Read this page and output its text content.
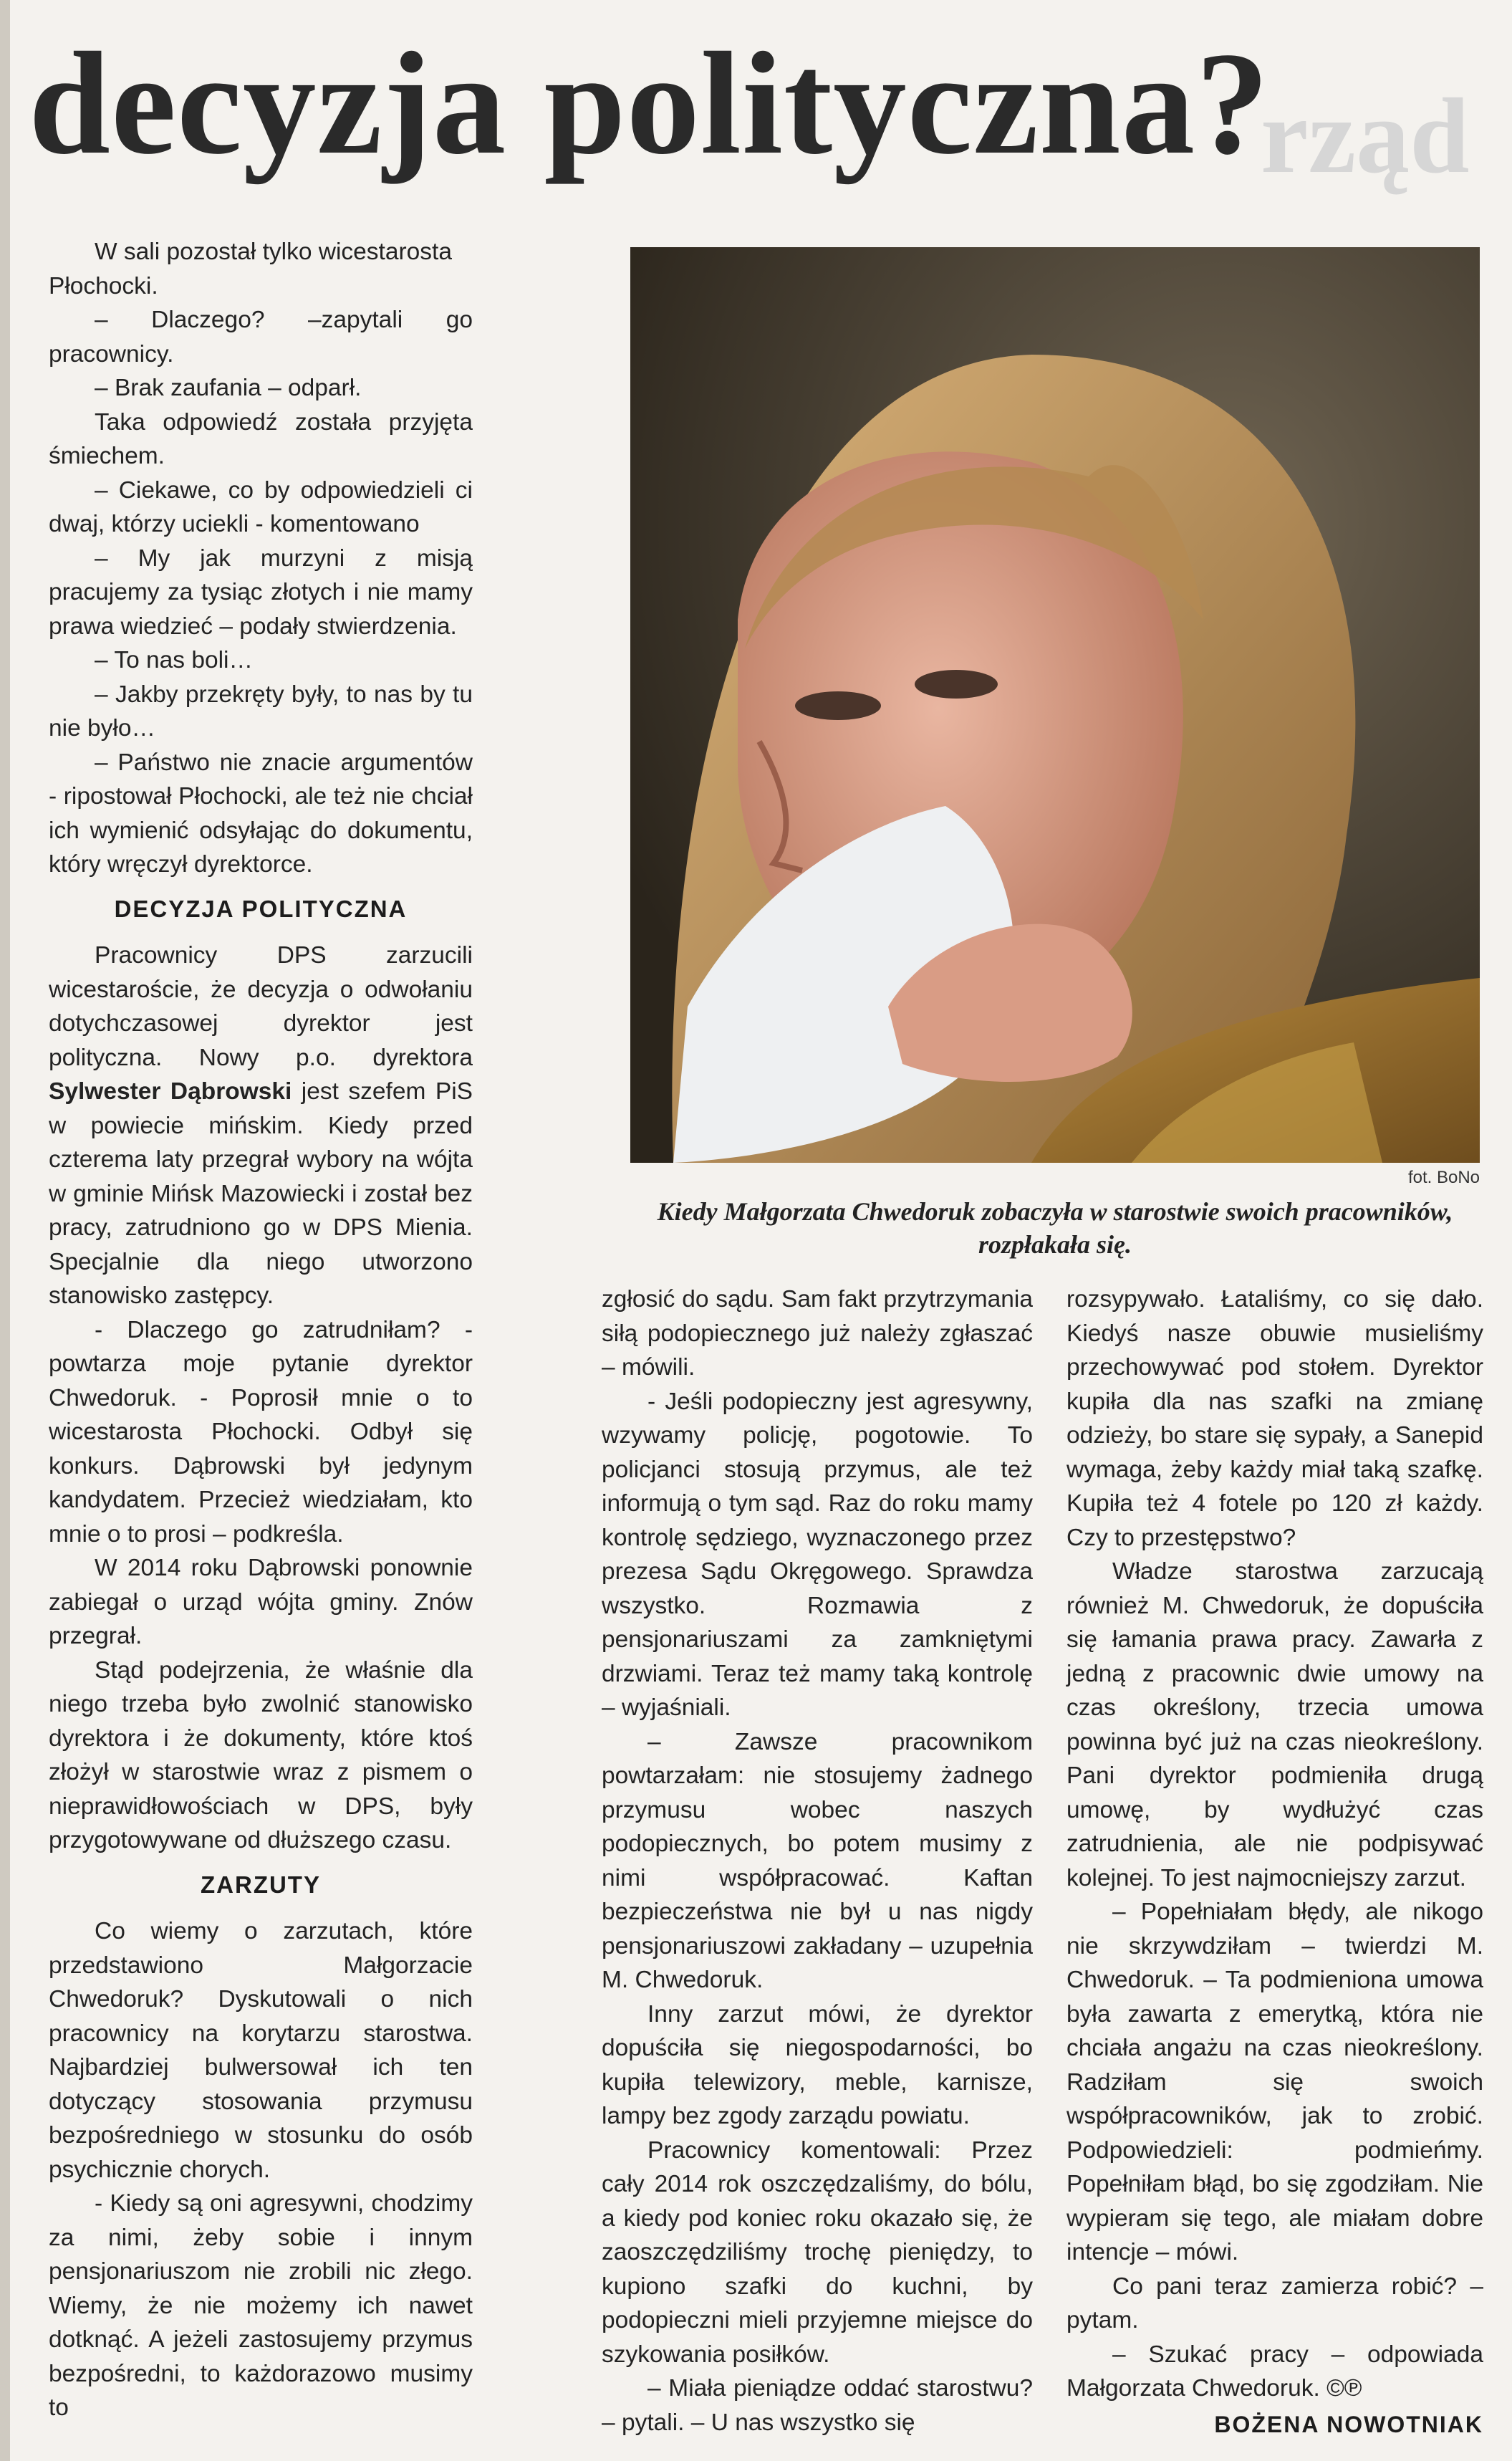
rząd
decyzja polityczna?

W sali pozostał tylko wicestarosta Płochocki.

– Dlaczego? –zapytali go pracownicy.

– Brak zaufania – odparł.

Taka odpowiedź została przyjęta śmiechem.

– Ciekawe, co by odpowiedzieli ci dwaj, którzy uciekli - komentowano

– My jak murzyni z misją pracujemy za tysiąc złotych i nie mamy prawa wiedzieć – podały stwierdzenia.

– To nas boli…

– Jakby przekręty były, to nas by tu nie było…

– Państwo nie znacie argumentów - ripostował Płochocki, ale też nie chciał ich wymienić odsyłając do dokumentu, który wręczył dyrektorce.

DECYZJA POLITYCZNA

Pracownicy DPS zarzucili wicestaroście, że decyzja o odwołaniu dotychczasowej dyrektor jest polityczna. Nowy p.o. dyrektora Sylwester Dąbrowski jest szefem PiS w powiecie mińskim. Kiedy przed czterema laty przegrał wybory na wójta w gminie Mińsk Mazowiecki i został bez pracy, zatrudniono go w DPS Mienia. Specjalnie dla niego utworzono stanowisko zastępcy.

- Dlaczego go zatrudniłam? - powtarza moje pytanie dyrektor Chwedoruk. - Poprosił mnie o to wicestarosta Płochocki. Odbył się konkurs. Dąbrowski był jedynym kandydatem. Przecież wiedziałam, kto mnie o to prosi – podkreśla.

W 2014 roku Dąbrowski ponownie zabiegał o urząd wójta gminy. Znów przegrał.

Stąd podejrzenia, że właśnie dla niego trzeba było zwolnić stanowisko dyrektora i że dokumenty, które ktoś złożył w starostwie wraz z pismem o nieprawidłowościach w DPS, były przygotowywane od dłuższego czasu.

ZARZUTY

Co wiemy o zarzutach, które przedstawiono Małgorzacie Chwedoruk? Dyskutowali o nich pracownicy na korytarzu starostwa. Najbardziej bulwersował ich ten dotyczący stosowania przymusu bezpośredniego w stosunku do osób psychicznie chorych.

- Kiedy są oni agresywni, chodzimy za nimi, żeby sobie i innym pensjonariuszom nie zrobili nic złego. Wiemy, że nie możemy ich nawet dotknąć. A jeżeli zastosujemy przymus bezpośredni, to każdorazowo musimy to

fot. BoNo
Kiedy Małgorzata Chwedoruk zobaczyła w starostwie swoich pracowników,
rozpłakała się.

zgłosić do sądu. Sam fakt przytrzymania siłą podopiecznego już należy zgłaszać – mówili.

- Jeśli podopieczny jest agresywny, wzywamy policję, pogotowie. To policjanci stosują przymus, ale też informują o tym sąd. Raz do roku mamy kontrolę sędziego, wyznaczonego przez prezesa Sądu Okręgowego. Sprawdza wszystko. Rozmawia z pensjonariuszami za zamkniętymi drzwiami. Teraz też mamy taką kontrolę – wyjaśniali.

– Zawsze pracownikom powtarzałam: nie stosujemy żadnego przymusu wobec naszych podopiecznych, bo potem musimy z nimi współpracować. Kaftan bezpieczeństwa nie był u nas nigdy pensjonariuszowi zakładany – uzupełnia M. Chwedoruk.

Inny zarzut mówi, że dyrektor dopuściła się niegospodarności, bo kupiła telewizory, meble, karnisze, lampy bez zgody zarządu powiatu.

Pracownicy komentowali: Przez cały 2014 rok oszczędzaliśmy, do bólu, a kiedy pod koniec roku okazało się, że zaoszczędziliśmy trochę pieniędzy, to kupiono szafki do kuchni, by podopieczni mieli przyjemne miejsce do szykowania posiłków.

– Miała pieniądze oddać starostwu? – pytali. – U nas wszystko się

rozsypywało. Łataliśmy, co się dało. Kiedyś nasze obuwie musieliśmy przechowywać pod stołem. Dyrektor kupiła dla nas szafki na zmianę odzieży, bo stare się sypały, a Sanepid wymaga, żeby każdy miał taką szafkę. Kupiła też 4 fotele po 120 zł każdy. Czy to przestępstwo?

Władze starostwa zarzucają również M. Chwedoruk, że dopuściła się łamania prawa pracy. Zawarła z jedną z pracownic dwie umowy na czas określony, trzecia umowa powinna być już na czas nieokreślony. Pani dyrektor podmieniła drugą umowę, by wydłużyć czas zatrudnienia, ale nie podpisywać kolejnej. To jest najmocniejszy zarzut.

– Popełniałam błędy, ale nikogo nie skrzywdziłam – twierdzi M. Chwedoruk. – Ta podmieniona umowa była zawarta z emerytką, która nie chciała angażu na czas nieokreślony. Radziłam się swoich współpracowników, jak to zrobić. Podpowiedzieli: podmieńmy. Popełniłam błąd, bo się zgodziłam. Nie wypieram się tego, ale miałam dobre intencje – mówi.

Co pani teraz zamierza robić? – pytam.

– Szukać pracy – odpowiada Małgorzata Chwedoruk. ©℗

BOŻENA NOWOTNIAK
